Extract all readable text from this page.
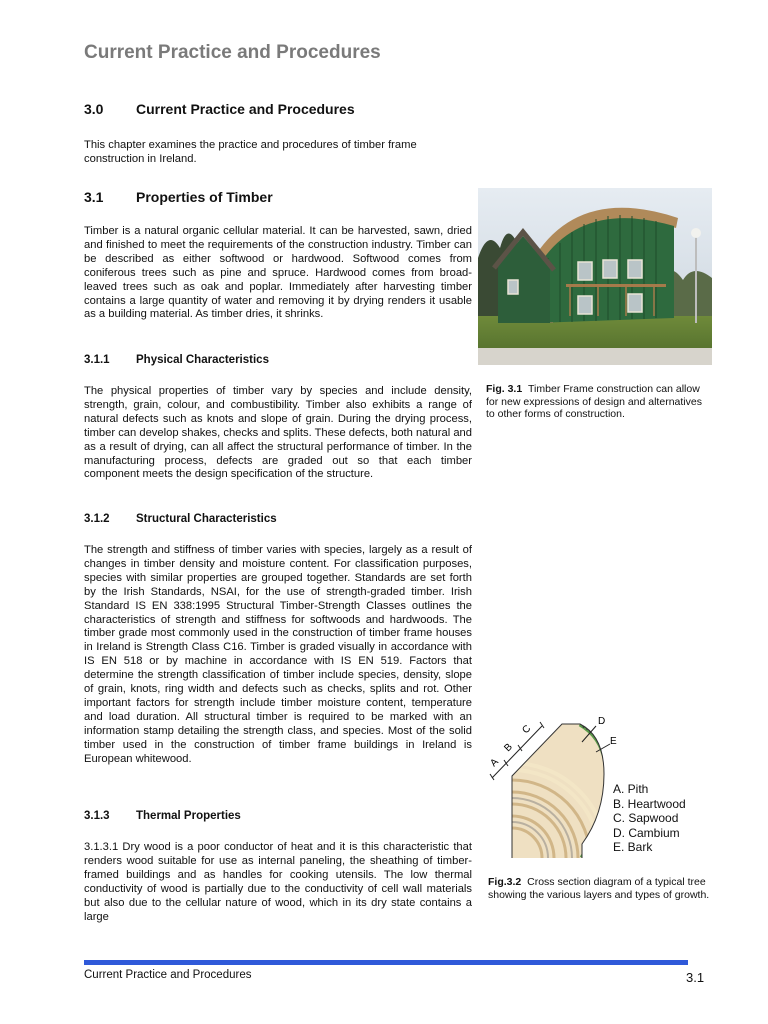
Current Practice and Procedures
3.0 Current Practice and Procedures
This chapter examines the practice and procedures of timber frame construction in Ireland.
3.1 Properties of Timber
Timber is a natural organic cellular material. It can be harvested, sawn, dried and finished to meet the requirements of the construction industry. Timber can be described as either softwood or hardwood. Softwood comes from coniferous trees such as pine and spruce. Hardwood comes from broad-leaved trees such as oak and poplar. Immediately after harvesting timber contains a large quantity of water and removing it by drying renders it usable as a building material. As timber dries, it shrinks.
3.1.1 Physical Characteristics
The physical properties of timber vary by species and include density, strength, grain, colour, and combustibility. Timber also exhibits a range of natural defects such as knots and slope of grain. During the drying process, timber can develop shakes, checks and splits. These defects, both natural and as a result of drying, can all affect the structural performance of timber. In the manufacturing process, defects are graded out so that each timber component meets the design specification of the structure.
3.1.2 Structural Characteristics
The strength and stiffness of timber varies with species, largely as a result of changes in timber density and moisture content. For classification purposes, species with similar properties are grouped together. Standards are set forth by the Irish Standards, NSAI, for the use of strength-graded timber. Irish Standard IS EN 338:1995 Structural Timber-Strength Classes outlines the characteristics of strength and stiffness for softwoods and hardwoods. The timber grade most commonly used in the construction of timber frame houses in Ireland is Strength Class C16. Timber is graded visually in accordance with IS EN 518 or by machine in accordance with IS EN 519. Factors that determine the strength classification of timber include species, density, slope of grain, knots, ring width and defects such as checks, splits and rot. Other important factors for strength include timber moisture content, temperature and load duration. All structural timber is required to be marked with an information stamp detailing the strength class, and species. Most of the solid timber used in the construction of timber frame buildings in Ireland is European whitewood.
3.1.3 Thermal Properties
3.1.3.1 Dry wood is a poor conductor of heat and it is this characteristic that renders wood suitable for use as internal paneling, the sheathing of timber-framed buildings and as handles for cooking utensils. The low thermal conductivity of wood is partially due to the conductivity of cell wall materials but also due to the cellular nature of wood, which in its dry state contains a large
Fig. 3.1 Timber Frame construction can allow for new expressions of design and alternatives to other forms of construction.
A
B
C
D
E
A. Pith
B. Heartwood
C. Sapwood
D. Cambium
E. Bark
Fig.3.2 Cross section diagram of a typical tree showing the various layers and types of growth.
Current Practice and Procedures	3.1
